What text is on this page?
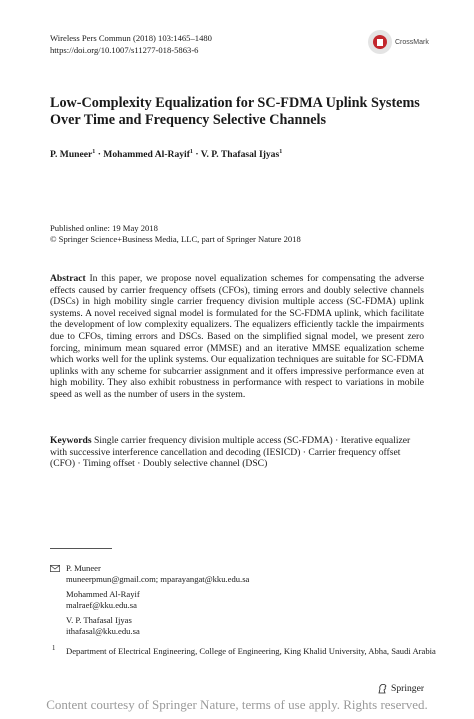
Wireless Pers Commun (2018) 103:1465–1480
https://doi.org/10.1007/s11277-018-5863-6
CrossMark
Low-Complexity Equalization for SC-FDMA Uplink Systems Over Time and Frequency Selective Channels
P. Muneer$^1$ · Mohammed Al-Rayif$^1$ · V. P. Thafasal Ijyas$^1$
Published online: 19 May 2018
© Springer Science+Business Media, LLC, part of Springer Nature 2018
Abstract In this paper, we propose novel equalization schemes for compensating the adverse effects caused by carrier frequency offsets (CFOs), timing errors and doubly selective channels (DSCs) in high mobility single carrier frequency division multiple access (SC-FDMA) uplink systems. A novel received signal model is formulated for the SC-FDMA uplink, which facilitate the development of low complexity equalizers. The equalizers efficiently tackle the impairments due to CFOs, timing errors and DSCs. Based on the simplified signal model, we present zero forcing, minimum mean squared error (MMSE) and an iterative MMSE equalization scheme which works well for the uplink systems. Our equalization techniques are suitable for SC-FDMA uplinks with any scheme for subcarrier assignment and it offers impressive performance even at high mobility. They also exhibit robustness in performance with respect to variations in mobile speed as well as the number of users in the system.
Keywords Single carrier frequency division multiple access (SC-FDMA) · Iterative equalizer with successive interference cancellation and decoding (IESICD) · Carrier frequency offset (CFO) · Timing offset · Doubly selective channel (DSC)
P. Muneer
muneerpmun@gmail.com; mparayangat@kku.edu.sa
Mohammed Al-Rayif
malraef@kku.edu.sa
V. P. Thafasal Ijyas
ithafasal@kku.edu.sa
1 Department of Electrical Engineering, College of Engineering, King Khalid University, Abha, Saudi Arabia
Springer
Content courtesy of Springer Nature, terms of use apply. Rights reserved.
